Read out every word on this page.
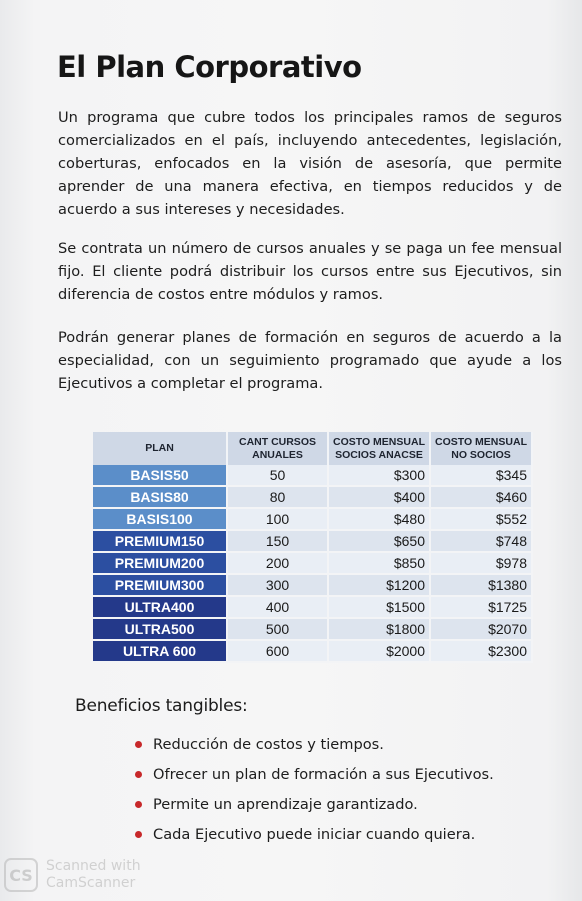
El Plan Corporativo

Un programa que cubre todos los principales ramos de seguros comercializados en el país, incluyendo antecedentes, legislación, coberturas, enfocados en la visión de asesoría, que permite aprender de una manera efectiva, en tiempos reducidos y de acuerdo a sus intereses y necesidades.

Se contrata un número de cursos anuales y se paga un fee mensual fijo. El cliente podrá distribuir los cursos entre sus Ejecutivos, sin diferencia de costos entre módulos y ramos.

Podrán generar planes de formación en seguros de acuerdo a la especialidad, con un seguimiento programado que ayude a los Ejecutivos a completar el programa.

PLAN	CANT CURSOS ANUALES	COSTO MENSUAL SOCIOS ANACSE	COSTO MENSUAL NO SOCIOS
BASIS50	50	$300	$345
BASIS80	80	$400	$460
BASIS100	100	$480	$552
PREMIUM150	150	$650	$748
PREMIUM200	200	$850	$978
PREMIUM300	300	$1200	$1380
ULTRA400	400	$1500	$1725
ULTRA500	500	$1800	$2070
ULTRA 600	600	$2000	$2300
Beneficios tangibles:
Reducción de costos y tiempos.
Ofrecer un plan de formación a sus Ejecutivos.
Permite un aprendizaje garantizado.
Cada Ejecutivo puede iniciar cuando quiera.
CS Scanned with
CamScanner
